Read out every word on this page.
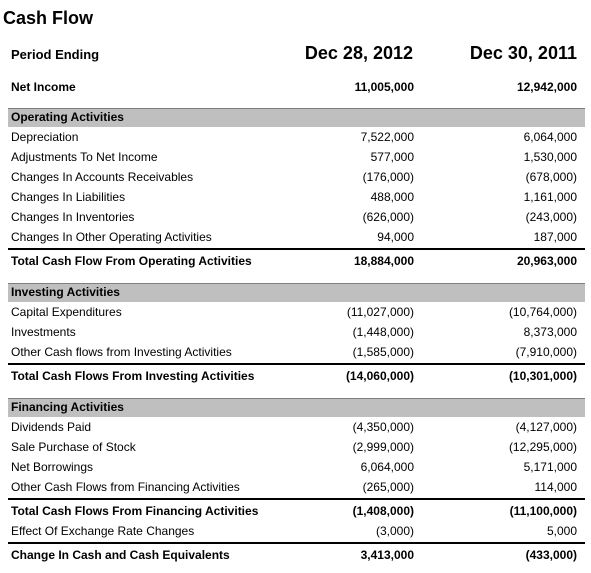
Cash Flow
Period Ending	Dec 28, 2012	Dec 30, 2011
Net Income	11,005,000	12,942,000
Operating Activities
Depreciation	7,522,000	6,064,000
Adjustments To Net Income	577,000	1,530,000
Changes In Accounts Receivables	(176,000)	(678,000)
Changes In Liabilities	488,000	1,161,000
Changes In Inventories	(626,000)	(243,000)
Changes In Other Operating Activities	94,000	187,000
Total Cash Flow From Operating Activities	18,884,000	20,963,000
Investing Activities
Capital Expenditures	(11,027,000)	(10,764,000)
Investments	(1,448,000)	8,373,000
Other Cash flows from Investing Activities	(1,585,000)	(7,910,000)
Total Cash Flows From Investing Activities	(14,060,000)	(10,301,000)
Financing Activities
Dividends Paid	(4,350,000)	(4,127,000)
Sale Purchase of Stock	(2,999,000)	(12,295,000)
Net Borrowings	6,064,000	5,171,000
Other Cash Flows from Financing Activities	(265,000)	114,000
Total Cash Flows From Financing Activities	(1,408,000)	(11,100,000)
Effect Of Exchange Rate Changes	(3,000)	5,000
Change In Cash and Cash Equivalents	3,413,000	(433,000)
